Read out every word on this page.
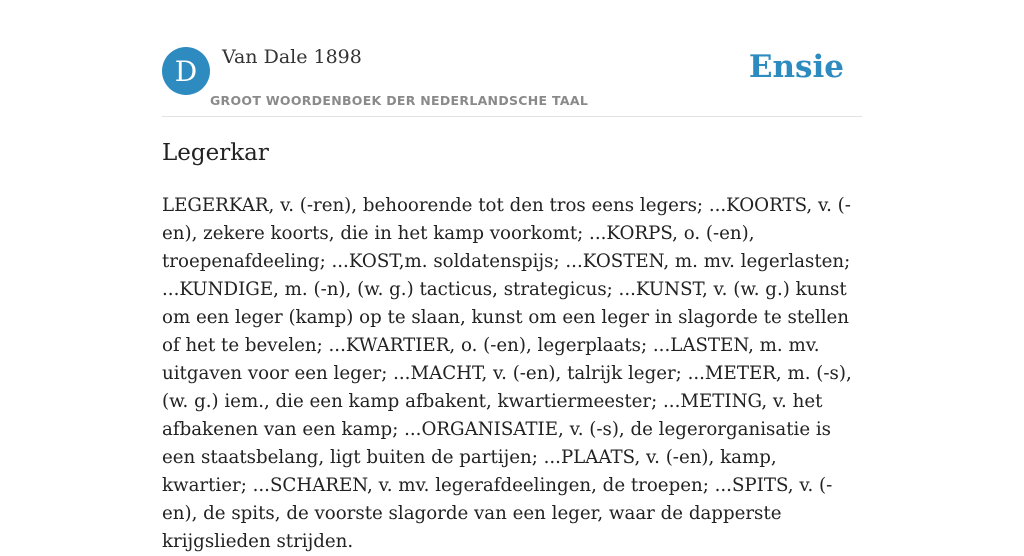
D	Van Dale 1898
GROOT WOORDENBOEK DER NEDERLANDSCHE TAAL
Ensie
Legerkar

LEGERKAR, v. (-ren), behoorende tot den tros eens legers; ...KOORTS, v. (-en), zekere koorts, die in het kamp voorkomt; ...KORPS, o. (-en), troepenafdeeling; ...KOST,m. soldatenspijs; ...KOSTEN, m. mv. legerlasten; ...KUNDIGE, m. (-n), (w. g.) tacticus, strategicus; ...KUNST, v. (w. g.) kunst om een leger (kamp) op te slaan, kunst om een leger in slagorde te stellen of het te bevelen; ...KWARTIER, o. (-en), legerplaats; ...LASTEN, m. mv. uitgaven voor een leger; ...MACHT, v. (-en), talrijk leger; ...METER, m. (-s), (w. g.) iem., die een kamp afbakent, kwartiermeester; ...METING, v. het afbakenen van een kamp; ...ORGANISATIE, v. (-s), de legerorganisatie is een staatsbelang, ligt buiten de partijen; ...PLAATS, v. (-en), kamp, kwartier; ...SCHAREN, v. mv. legerafdeelingen, de troepen; ...SPITS, v. (-en), de spits, de voorste slagorde van een leger, waar de dapperste krijgslieden strijden.
